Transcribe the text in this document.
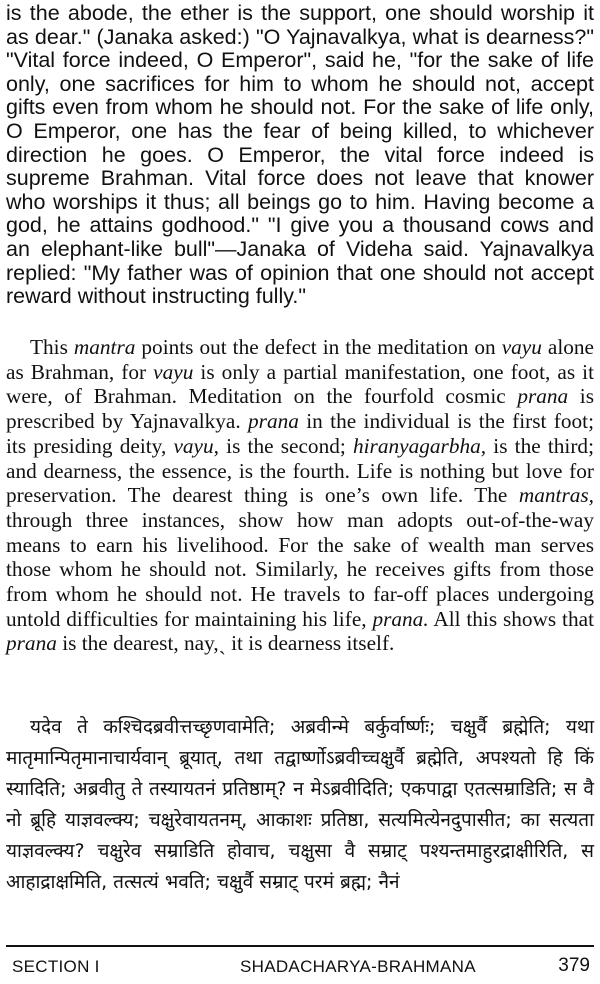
is the abode, the ether is the support, one should worship it as dear." (Janaka asked:) "O Yajnavalkya, what is dearness?" "Vital force indeed, O Emperor", said he, "for the sake of life only, one sacrifices for him to whom he should not, accept gifts even from whom he should not. For the sake of life only, O Emperor, one has the fear of being killed, to whichever direction he goes. O Emperor, the vital force indeed is supreme Brahman. Vital force does not leave that knower who worships it thus; all beings go to him. Having become a god, he attains godhood." "I give you a thousand cows and an elephant-like bull"—Janaka of Videha said. Yajnavalkya replied: "My father was of opinion that one should not accept reward without instructing fully."

This mantra points out the defect in the meditation on vayu alone as Brahman, for vayu is only a partial manifestation, one foot, as it were, of Brahman. Meditation on the fourfold cosmic prana is prescribed by Yajnavalkya. prana in the individual is the first foot; its presiding deity, vayu, is the second; hiranyagarbha, is the third; and dearness, the essence, is the fourth. Life is nothing but love for preservation. The dearest thing is one’s own life. The mantras, through three instances, show how man adopts out-of-the-way means to earn his livelihood. For the sake of wealth man serves those whom he should not. Similarly, he receives gifts from those from whom he should not. He travels to far-off places undergoing untold difficulties for maintaining his life, prana. All this shows that prana is the dearest, nay,ˎ it is dearness itself.

यदेव ते कश्चिदब्रवीत्तच्छृणवामेति; अब्रवीन्मे बर्कुर्वार्ष्णः; चक्षुर्वै ब्रह्मेति; यथा मातृमान्पितृमानाचार्यवान् ब्रूयात्, तथा तद्वार्ष्णोऽब्रवीच्चक्षुर्वै ब्रह्मेति, अपश्यतो हि किं स्यादिति; अब्रवीतु ते तस्यायतनं प्रतिष्ठाम्? न मेऽब्रवीदिति; एकपाद्वा एतत्सम्राडिति; स वै नो ब्रूहि याज्ञवल्क्य; चक्षुरेवायतनम्, आकाशः प्रतिष्ठा, सत्यमित्येनदुपासीत; का सत्यता याज्ञवल्क्य? चक्षुरेव सम्राडिति होवाच, चक्षुसा वै सम्राट् पश्यन्तमाहुरद्राक्षीरिति, स आहाद्राक्षमिति, तत्सत्यं भवति; चक्षुर्वै सम्राट् परमं ब्रह्म; नैनं

SECTION I	SHADACHARYA-BRAHMANA	379
